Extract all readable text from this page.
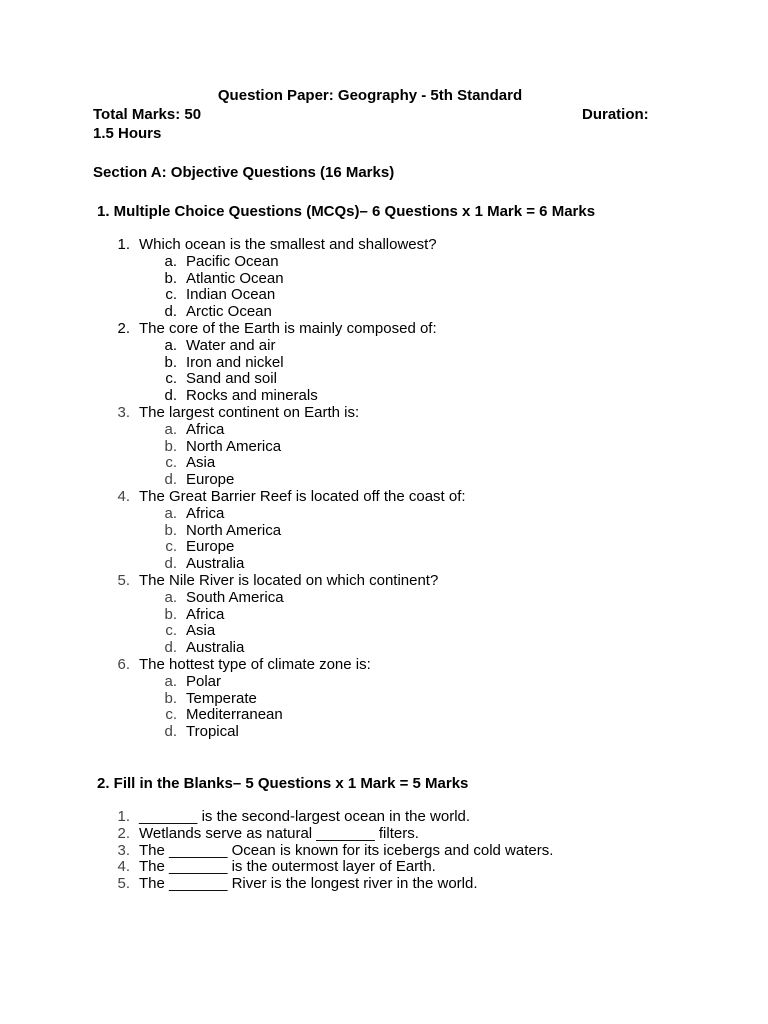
Question Paper: Geography - 5th Standard
Total Marks: 50	Duration:
1.5 Hours
Section A: Objective Questions (16 Marks)
1. Multiple Choice Questions (MCQs)– 6 Questions x 1 Mark = 6 Marks
1. Which ocean is the smallest and shallowest?
a. Pacific Ocean
b. Atlantic Ocean
c. Indian Ocean
d. Arctic Ocean
2. The core of the Earth is mainly composed of:
a. Water and air
b. Iron and nickel
c. Sand and soil
d. Rocks and minerals
3. The largest continent on Earth is:
a. Africa
b. North America
c. Asia
d. Europe
4. The Great Barrier Reef is located off the coast of:
a. Africa
b. North America
c. Europe
d. Australia
5. The Nile River is located on which continent?
a. South America
b. Africa
c. Asia
d. Australia
6. The hottest type of climate zone is:
a. Polar
b. Temperate
c. Mediterranean
d. Tropical
2. Fill in the Blanks– 5 Questions x 1 Mark = 5 Marks
1. _______ is the second-largest ocean in the world.
2. Wetlands serve as natural _______ filters.
3. The _______ Ocean is known for its icebergs and cold waters.
4. The _______ is the outermost layer of Earth.
5. The _______ River is the longest river in the world.
